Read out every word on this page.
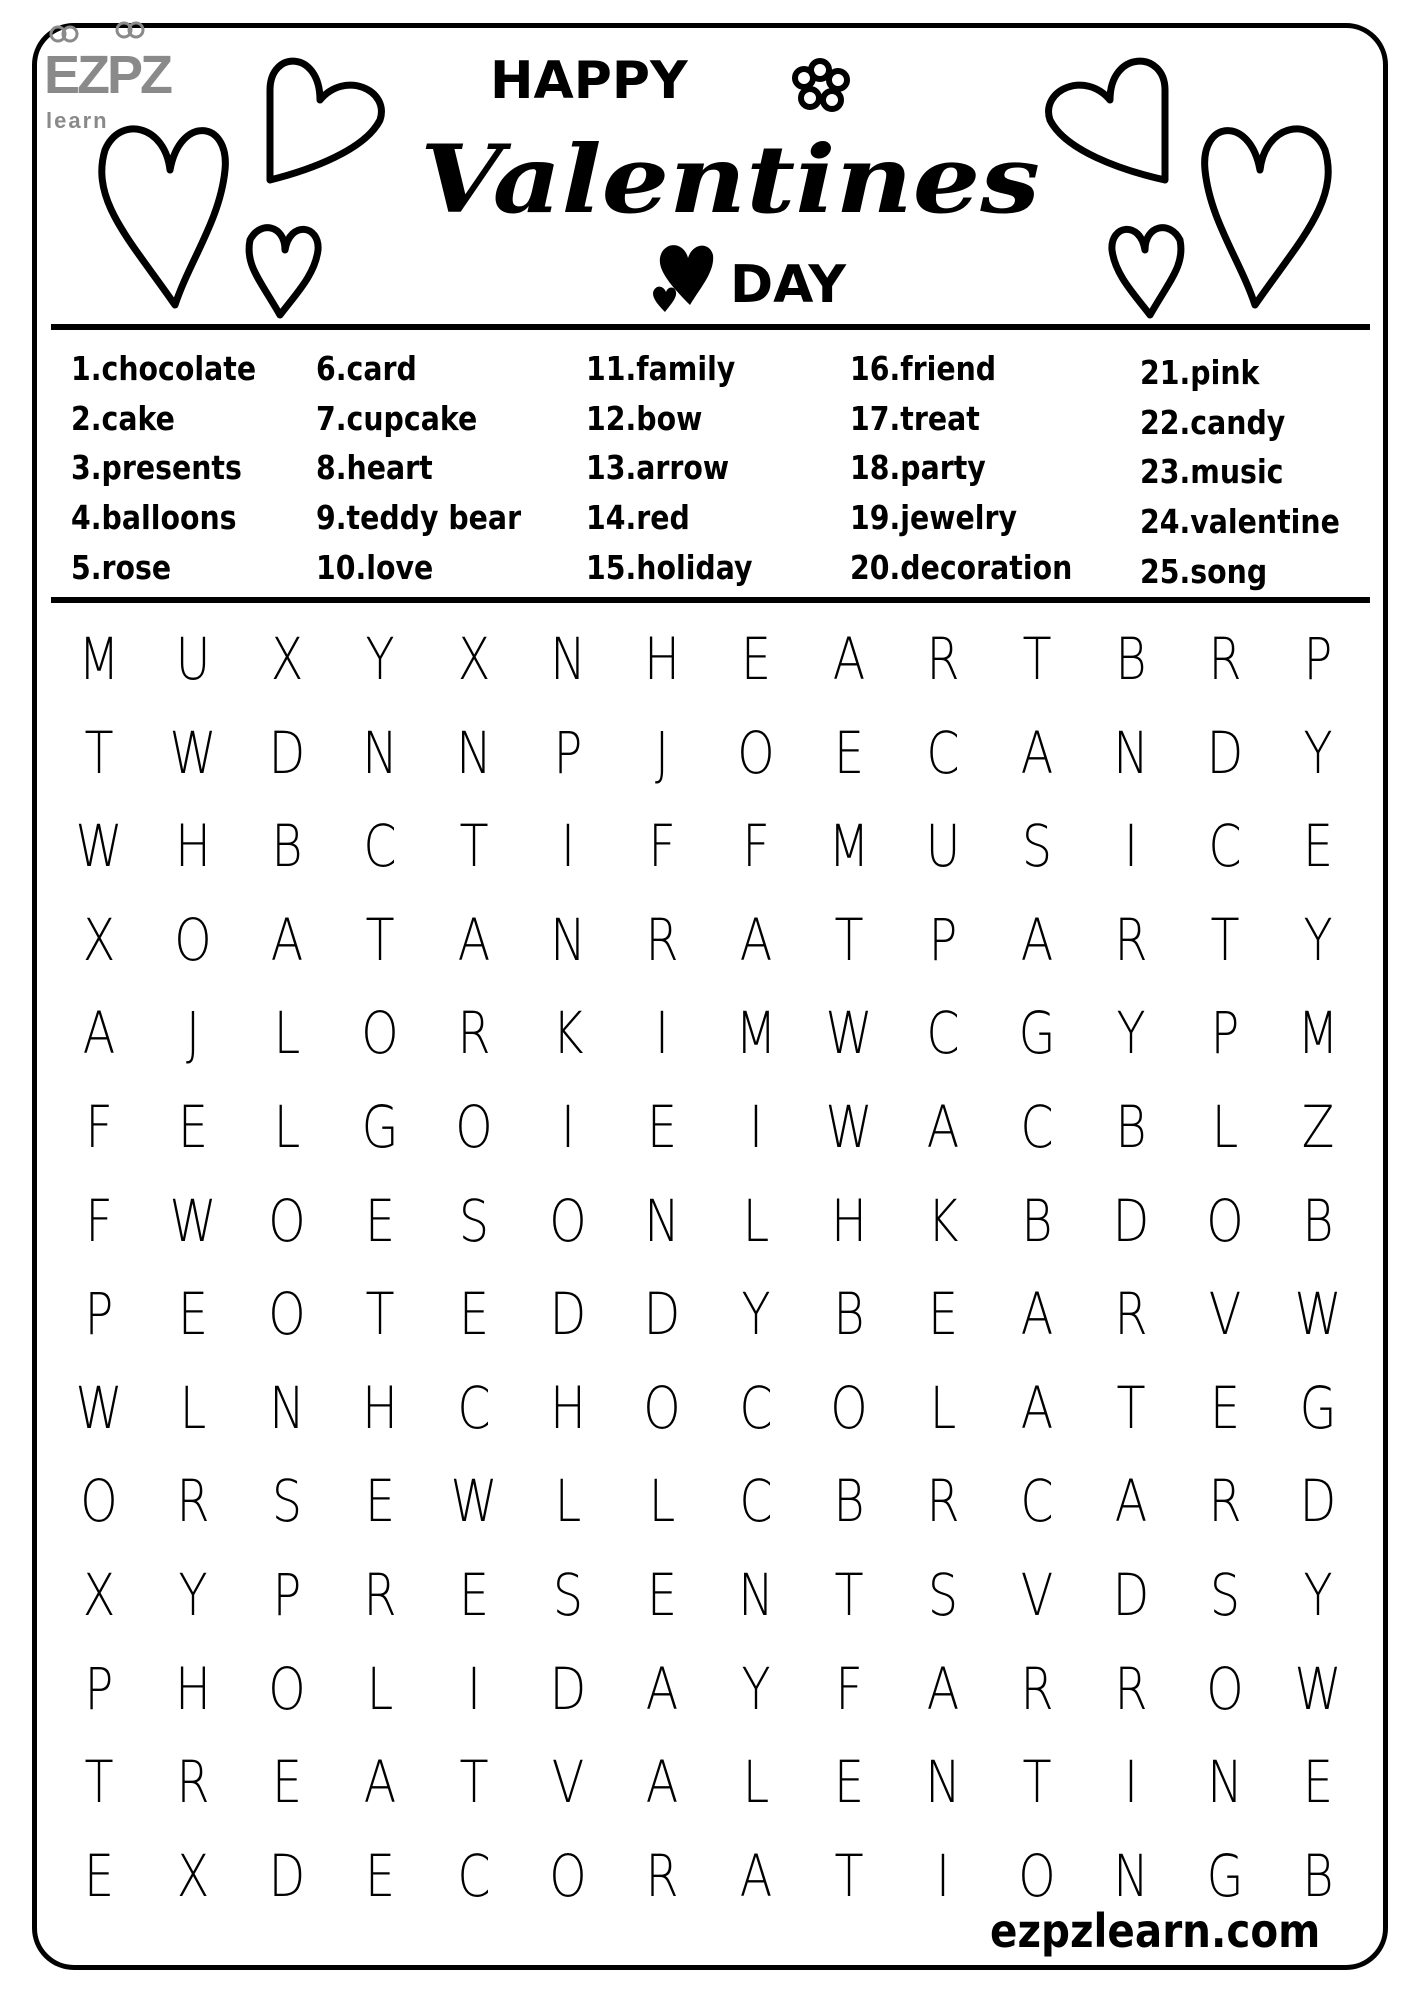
EZPZ
learn
HAPPY
Valentines
DAY
1.chocolate
2.cake
3.presents
4.balloons
5.rose
6.card
7.cupcake
8.heart
9.teddy bear
10.love
11.family
12.bow
13.arrow
14.red
15.holiday
16.friend
17.treat
18.party
19.jewelry
20.decoration
21.pink
22.candy
23.music
24.valentine
25.song
M U X	Y	X N H	E	A R	T	B R	P
T W D N N	P	J	O	E	C A N D	Y
W H B C	T	I	F	F	M U	S	I	C	E
X O A	T	A N R A	T	P	A R	T	Y
A	J	L	O R K	I	M W C G	Y	P	M
F	E	L	G O	I	E	I	W A C B	L	Z
F W O	E	S	O N	L	H K B D O B
P	E	O	T	E	D D	Y	B	E	A R V W
W L	N H C H O C O	L	A	T	E	G
O R	S	E W L	L	C B R C A R D
X	Y	P	R	E	S	E	N	T	S	V D	S	Y
P	H O	L	I	D A	Y	F	A R R O W
T	R	E	A	T	V A	L	E	N	T	I	N	E
E	X D	E	C O R A	T	I	O N G B
ezpzlearn.com
